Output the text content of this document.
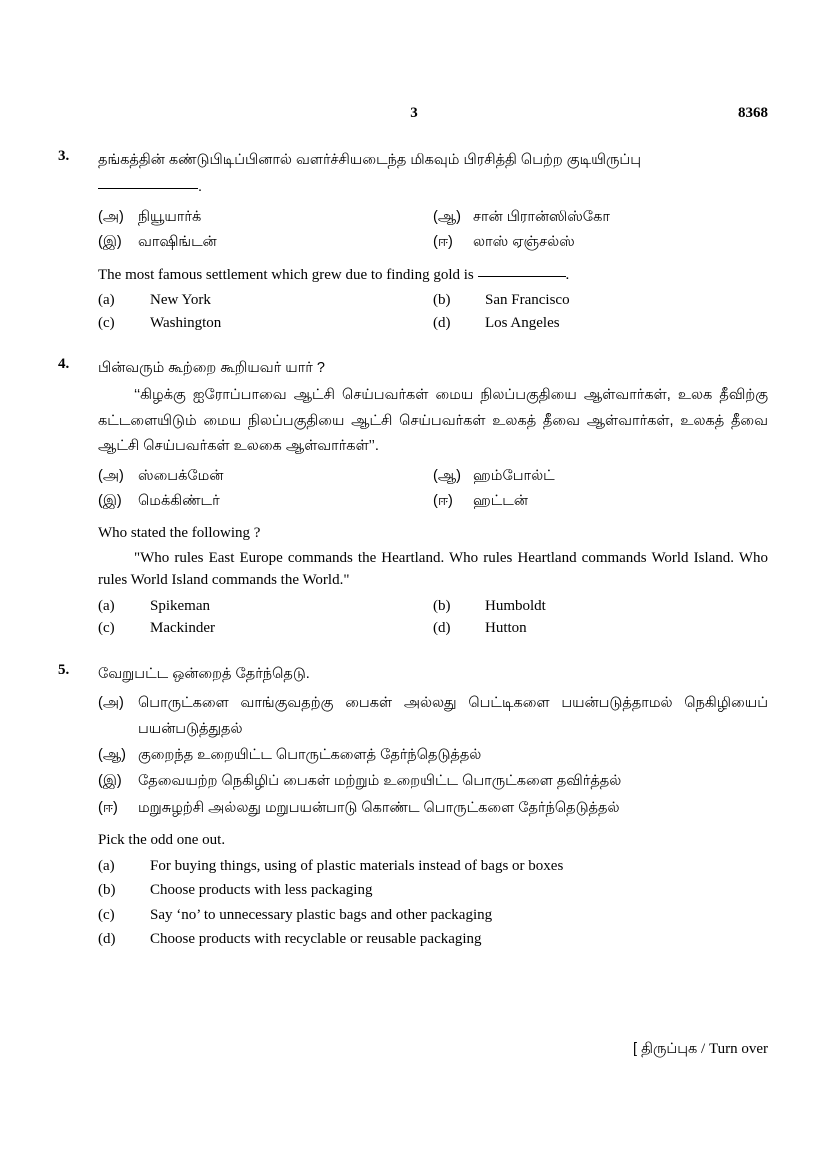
3	8368
3.	தங்கத்தின் கண்டுபிடிப்பினால் வளர்ச்சியடைந்த மிகவும் பிரசித்தி பெற்ற குடியிருப்பு
.
(அ) நியூயார்க்	(ஆ) சான் பிரான்ஸிஸ்கோ
(இ)	வாஷிங்டன்	(ஈ)	லாஸ் ஏஞ்சல்ஸ்
The most famous settlement which grew due to finding gold is	.
(a)	New York	(b)	San Francisco
(c)	Washington	(d)	Los Angeles
4.	பின்வரும் கூற்றை கூறியவர் யார் ?
‘‘கிழக்கு ஐரோப்பாவை ஆட்சி செய்பவர்கள் மைய நிலப்பகுதியை ஆள்வார்கள், உலக தீவிற்கு கட்டளையிடும் மைய நிலப்பகுதியை ஆட்சி செய்பவர்கள் உலகத் தீவை ஆள்வார்கள், உலகத் தீவை ஆட்சி செய்பவர்கள் உலகை ஆள்வார்கள்’’.
(அ) ஸ்பைக்மேன்	(ஆ) ஹம்போல்ட்
(இ)	மெக்கிண்டர்	(ஈ)	ஹட்டன்
Who stated the following ?
"Who rules East Europe commands the Heartland. Who rules Heartland commands World Island. Who rules World Island commands the World."
(a)	Spikeman	(b)	Humboldt
(c)	Mackinder	(d)	Hutton
5.	வேறுபட்ட ஒன்றைத் தேர்ந்தெடு.
(அ) பொருட்களை வாங்குவதற்கு பைகள் அல்லது பெட்டிகளை பயன்படுத்தாமல் நெகிழியைப் பயன்படுத்துதல்
(ஆ) குறைந்த உறையிட்ட பொருட்களைத் தேர்ந்தெடுத்தல்
(இ)	தேவையற்ற நெகிழிப் பைகள் மற்றும் உறையிட்ட பொருட்களை தவிர்த்தல்
(ஈ)	மறுசுழற்சி அல்லது மறுபயன்பாடு கொண்ட பொருட்களை தேர்ந்தெடுத்தல்
Pick the odd one out.
(a)	For buying things, using of plastic materials instead of bags or boxes
(b)	Choose products with less packaging
(c)	Say ‘no’ to unnecessary plastic bags and other packaging
(d)	Choose products with recyclable or reusable packaging
[ திருப்புக / Turn over
